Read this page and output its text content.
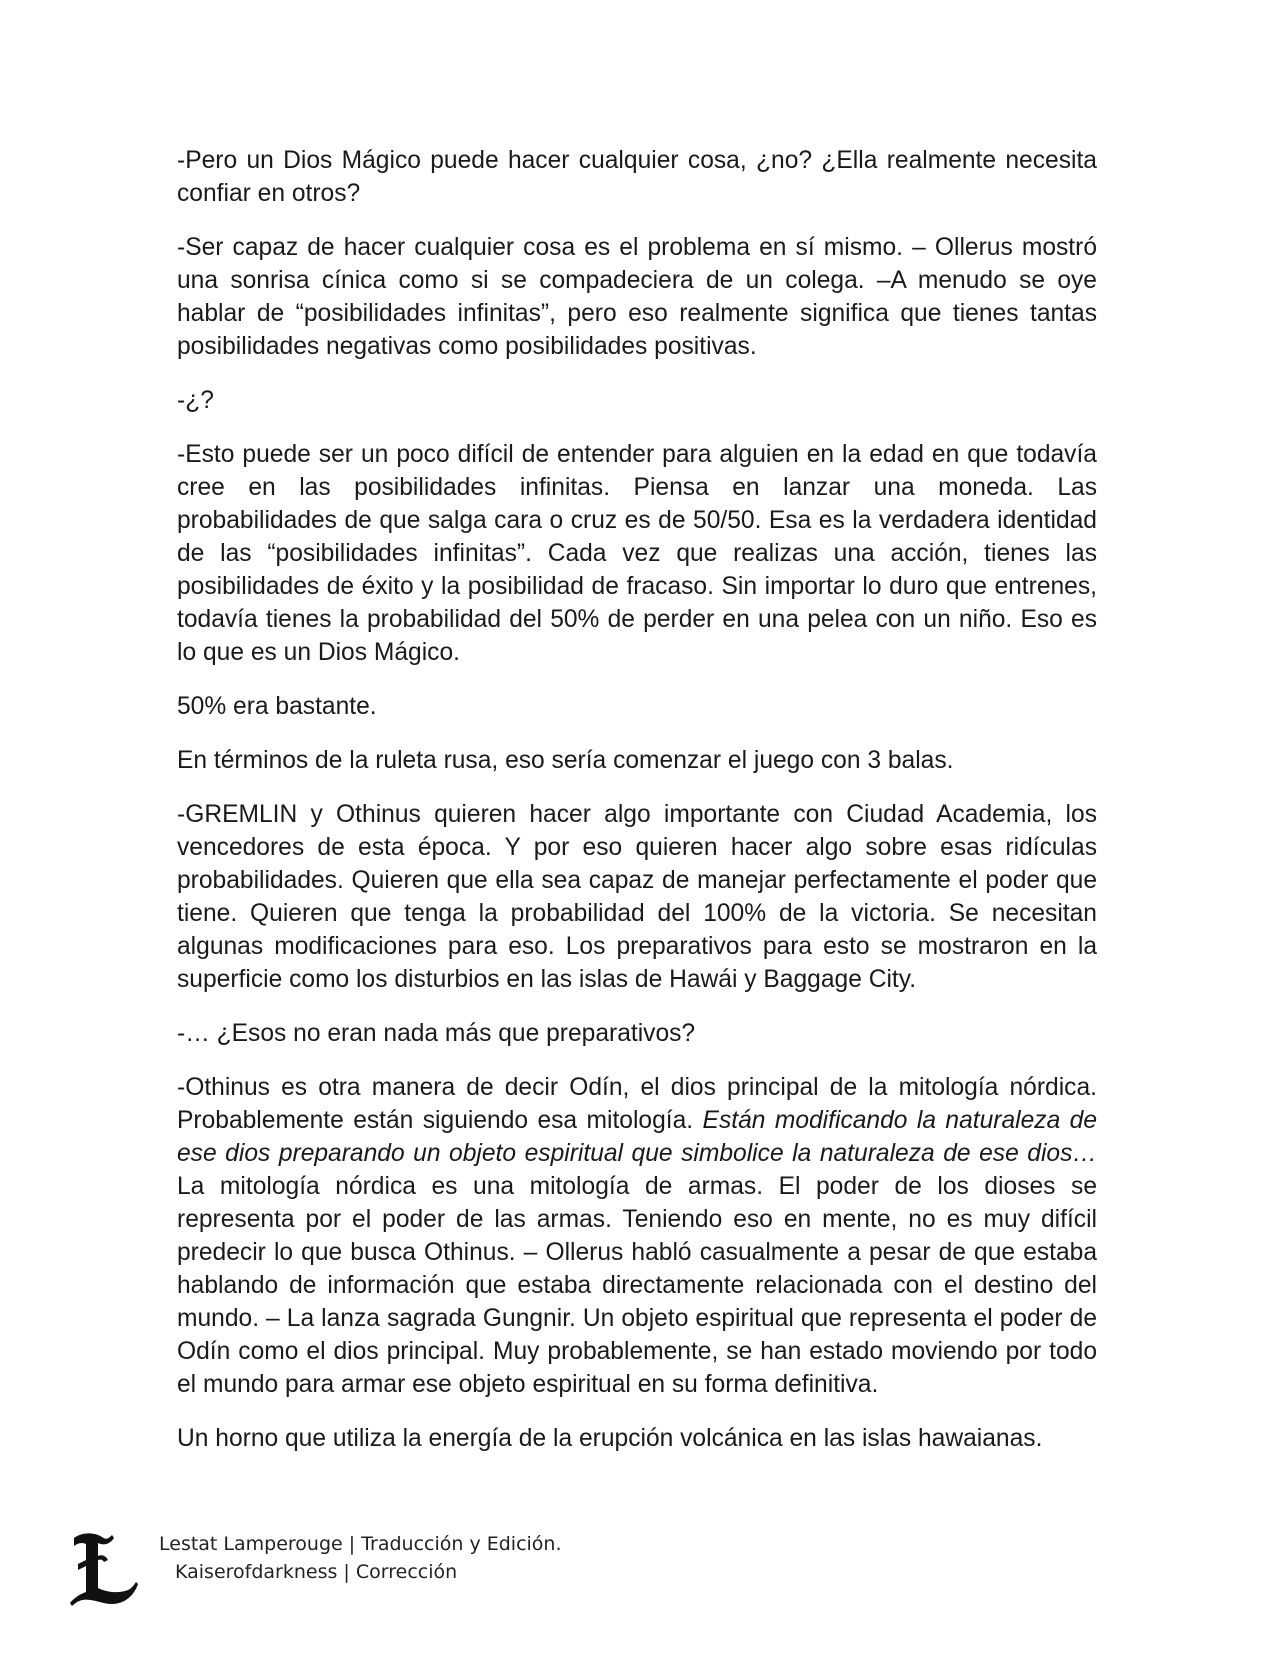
-Pero un Dios Mágico puede hacer cualquier cosa, ¿no? ¿Ella realmente necesita confiar en otros?

-Ser capaz de hacer cualquier cosa es el problema en sí mismo. – Ollerus mostró una sonrisa cínica como si se compadeciera de un colega. –A menudo se oye hablar de “posibilidades infinitas”, pero eso realmente significa que tienes tantas posibilidades negativas como posibilidades positivas.

-¿?

-Esto puede ser un poco difícil de entender para alguien en la edad en que todavía cree en las posibilidades infinitas. Piensa en lanzar una moneda. Las probabilidades de que salga cara o cruz es de 50/50. Esa es la verdadera identidad de las “posibilidades infinitas”. Cada vez que realizas una acción, tienes las posibilidades de éxito y la posibilidad de fracaso. Sin importar lo duro que entrenes, todavía tienes la probabilidad del 50% de perder en una pelea con un niño. Eso es lo que es un Dios Mágico.

50% era bastante.

En términos de la ruleta rusa, eso sería comenzar el juego con 3 balas.

-GREMLIN y Othinus quieren hacer algo importante con Ciudad Academia, los vencedores de esta época. Y por eso quieren hacer algo sobre esas ridículas probabilidades. Quieren que ella sea capaz de manejar perfectamente el poder que tiene. Quieren que tenga la probabilidad del 100% de la victoria. Se necesitan algunas modificaciones para eso. Los preparativos para esto se mostraron en la superficie como los disturbios en las islas de Hawái y Baggage City.

-… ¿Esos no eran nada más que preparativos?

-Othinus es otra manera de decir Odín, el dios principal de la mitología nórdica. Probablemente están siguiendo esa mitología. Están modificando la naturaleza de ese dios preparando un objeto espiritual que simbolice la naturaleza de ese dios…La mitología nórdica es una mitología de armas. El poder de los dioses se representa por el poder de las armas. Teniendo eso en mente, no es muy difícil predecir lo que busca Othinus. – Ollerus habló casualmente a pesar de que estaba hablando de información que estaba directamente relacionada con el destino del mundo. – La lanza sagrada Gungnir. Un objeto espiritual que representa el poder de Odín como el dios principal. Muy probablemente, se han estado moviendo por todo el mundo para armar ese objeto espiritual en su forma definitiva.

Un horno que utiliza la energía de la erupción volcánica en las islas hawaianas.

Lestat Lamperouge | Traducción y Edición.
Kaiserofdarkness | Corrección
